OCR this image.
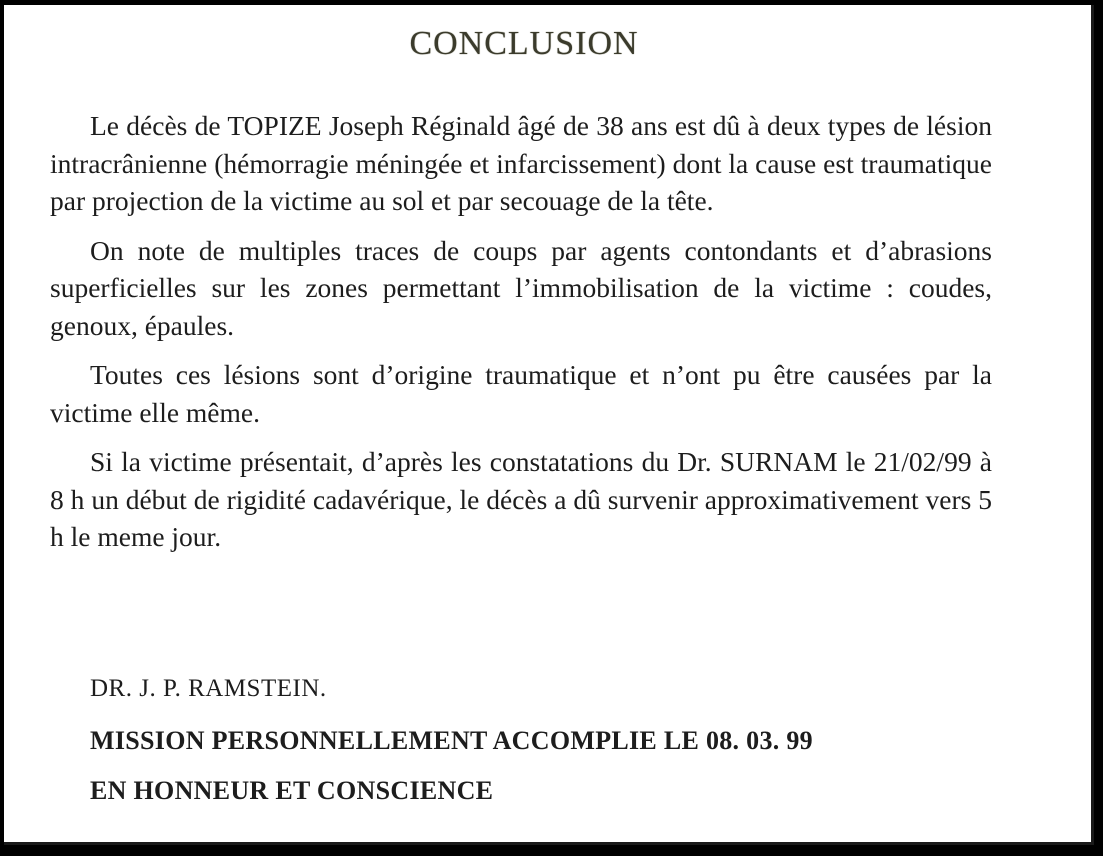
CONCLUSION

Le décès de TOPIZE Joseph Réginald âgé de 38 ans est dû à deux types de lésion intracrânienne (hémorragie méningée et infarcissement) dont la cause est traumatique par projection de la victime au sol et par secouage de la tête.

On note de multiples traces de coups par agents contondants et d’abrasions superficielles sur les zones permettant l’immobilisation de la victime : coudes, genoux, épaules.

Toutes ces lésions sont d’origine traumatique et n’ont pu être causées par la victime elle même.

Si la victime présentait, d’après les constatations du Dr. SURNAM le 21/02/99 à 8 h un début de rigidité cadavérique, le décès a dû survenir approximativement vers 5 h le meme jour.

DR. J. P. RAMSTEIN.
MISSION PERSONNELLEMENT ACCOMPLIE LE 08. 03. 99
EN HONNEUR ET CONSCIENCE
